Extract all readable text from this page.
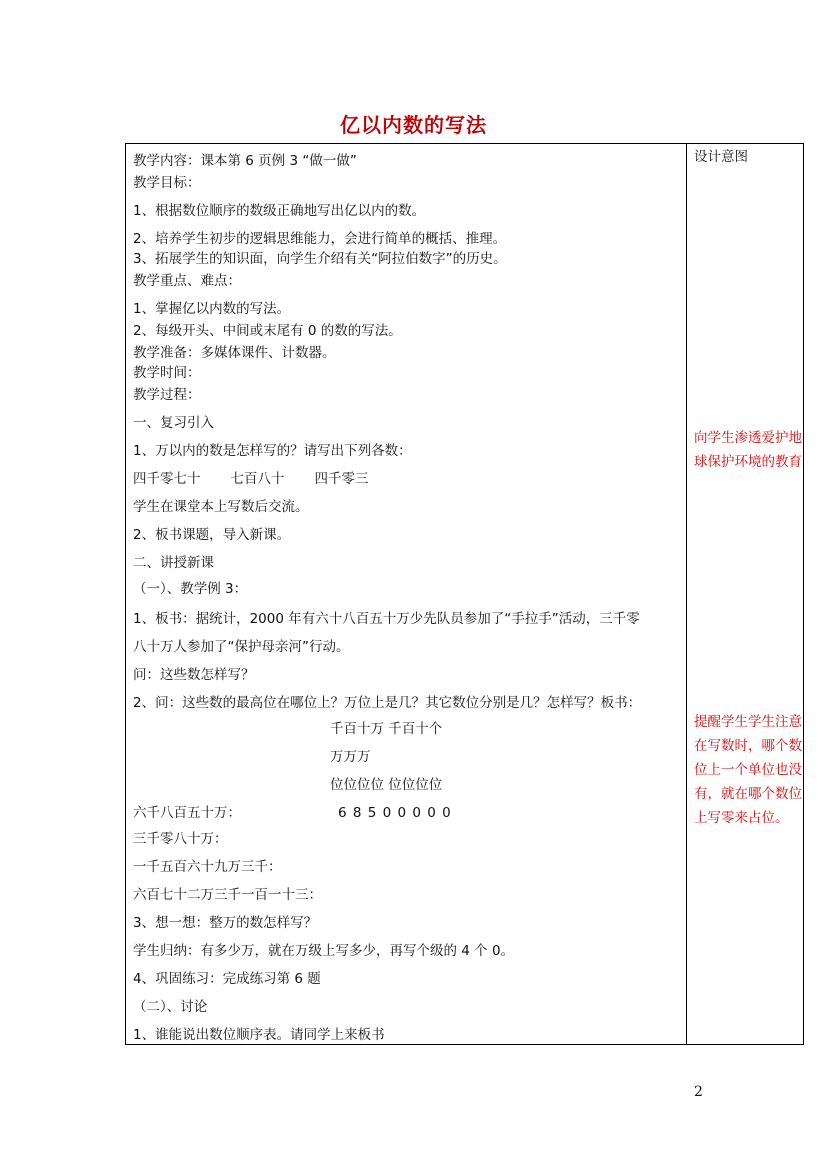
亿以内数的写法
教学内容：课本第 6 页例 3 “做一做”
教学目标：
1、根据数位顺序的数级正确地写出亿以内的数。
2、培养学生初步的逻辑思维能力，会进行简单的概括、推理。
3、拓展学生的知识面，向学生介绍有关“阿拉伯数字”的历史。
教学重点、难点：
1、掌握亿以内数的写法。
2、每级开头、中间或末尾有 0 的数的写法。
教学准备：多媒体课件、计数器。
教学时间：
教学过程：
一、复习引入
1、万以内的数是怎样写的？请写出下列各数：
四千零七十 七百八十 四千零三
学生在课堂本上写数后交流。
2、板书课题，导入新课。
二、讲授新课
（一）、教学例 3：
1、板书：据统计，2000 年有六十八百五十万少先队员参加了“手拉手”活动，三千零
八十万人参加了“保护母亲河”行动。
问：这些数怎样写？
2、问：这些数的最高位在哪位上？万位上是几？其它数位分别是几？怎样写？板书：
千百十万 千百十个
万万万
位位位位 位位位位
六千八百五十万：	6 8 5 0 0 0 0 0
三千零八十万：
一千五百六十九万三千：
六百七十二万三千一百一十三：
3、想一想：整万的数怎样写？
学生归纳：有多少万，就在万级上写多少，再写个级的 4 个 0。
4、巩固练习：完成练习第 6 题
（二）、讨论
1、谁能说出数位顺序表。请同学上来板书
设计意图
向学生渗透爱护地球保护环境的教育
提醒学生学生注意在写数时，哪个数位上一个单位也没有，就在哪个数位上写零来占位。
2
